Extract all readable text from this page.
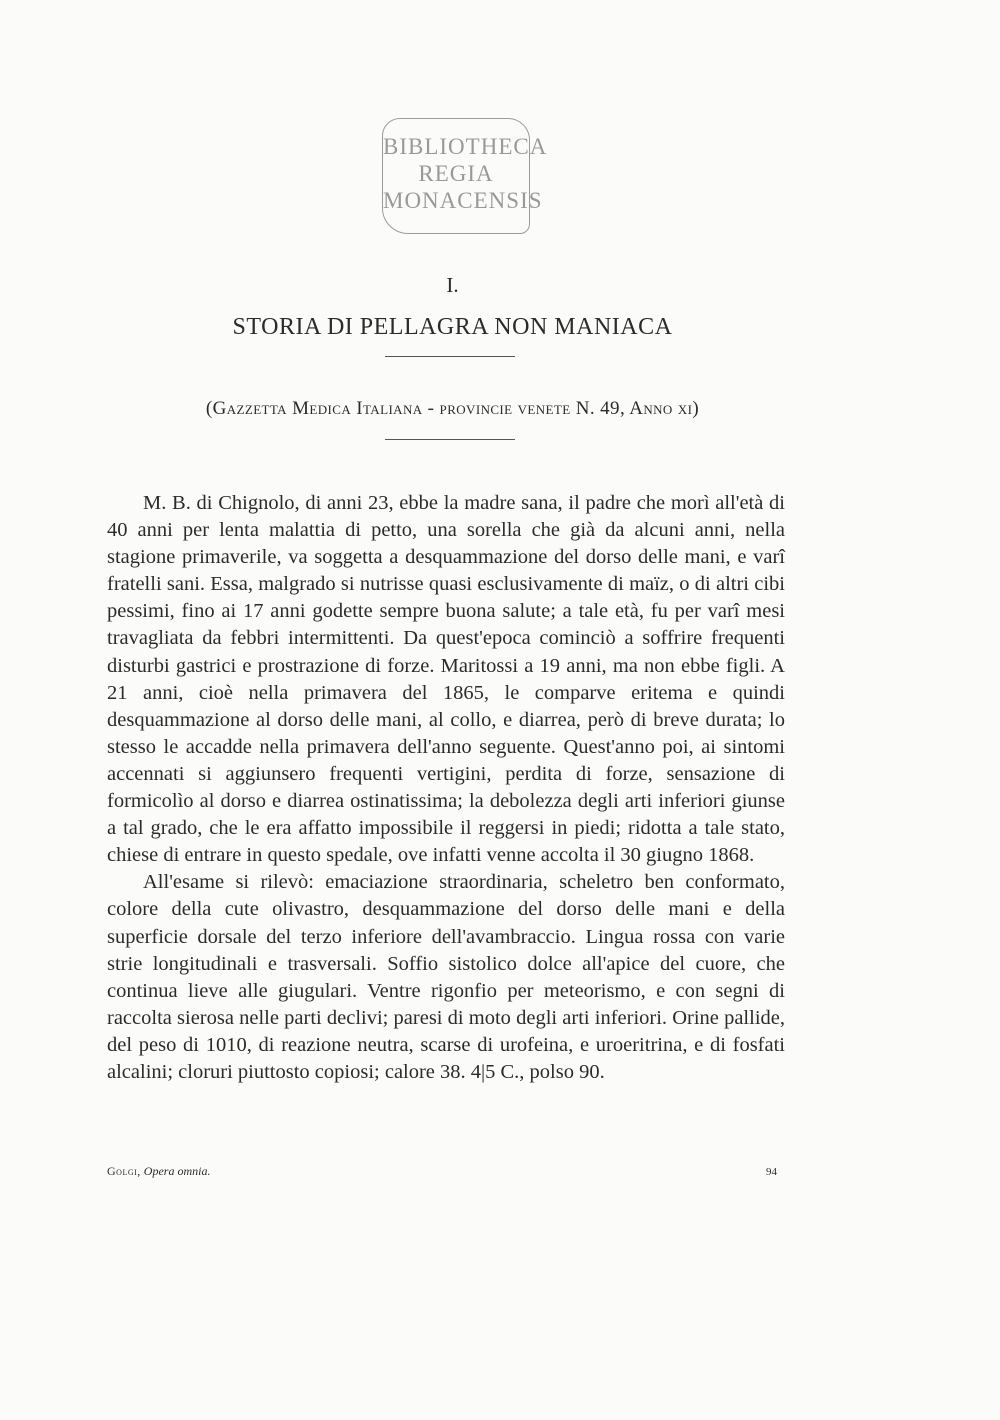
BIBLIOTHECA
REGIA
MONACENSIS
I.
STORIA DI PELLAGRA NON MANIACA
(Gazzetta Medica Italiana - provincie venete N. 49, Anno xi)

M. B. di Chignolo, di anni 23, ebbe la madre sana, il padre che morì all'età di 40 anni per lenta malattia di petto, una sorella che già da alcuni anni, nella stagione primaverile, va soggetta a desquammazione del dorso delle mani, e varî fratelli sani. Essa, malgrado si nutrisse quasi esclusivamente di maïz, o di altri cibi pessimi, fino ai 17 anni godette sempre buona salute; a tale età, fu per varî mesi travagliata da febbri intermittenti. Da quest'epoca cominciò a soffrire frequenti disturbi gastrici e prostrazione di forze. Maritossi a 19 anni, ma non ebbe figli. A 21 anni, cioè nella primavera del 1865, le comparve eritema e quindi desquammazione al dorso delle mani, al collo, e diarrea, però di breve durata; lo stesso le accadde nella primavera dell'anno seguente. Quest'anno poi, ai sintomi accennati si aggiunsero frequenti vertigini, perdita di forze, sensazione di formicolìo al dorso e diarrea ostinatissima; la debolezza degli arti inferiori giunse a tal grado, che le era affatto impossibile il reggersi in piedi; ridotta a tale stato, chiese di entrare in questo spedale, ove infatti venne accolta il 30 giugno 1868.

All'esame si rilevò: emaciazione straordinaria, scheletro ben conformato, colore della cute olivastro, desquammazione del dorso delle mani e della superficie dorsale del terzo inferiore dell'avambraccio. Lingua rossa con varie strie longitudinali e trasversali. Soffio sistolico dolce all'apice del cuore, che continua lieve alle giugulari. Ventre rigonfio per meteorismo, e con segni di raccolta sierosa nelle parti declivi; paresi di moto degli arti inferiori. Orine pallide, del peso di 1010, di reazione neutra, scarse di urofeina, e uroeritrina, e di fosfati alcalini; cloruri piuttosto copiosi; calore 38. 4|5 C., polso 90.

Golgi, Opera omnia.	94
